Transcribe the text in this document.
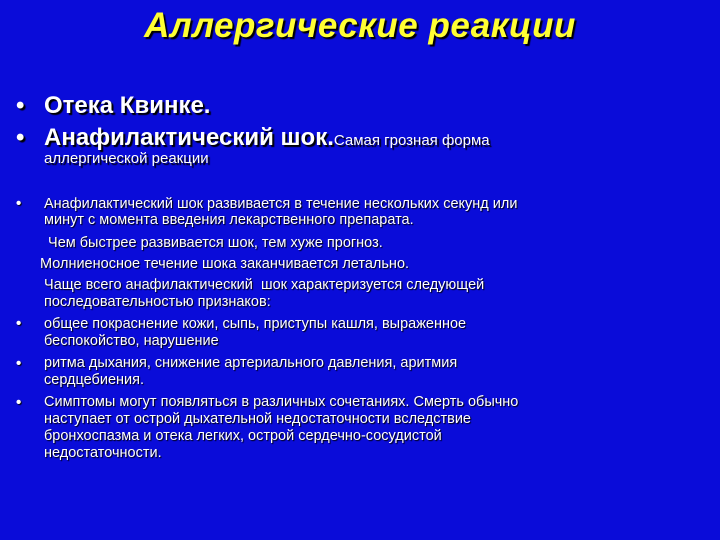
Аллергические реакции
• Отека Квинке.
• Анафилактический шок.Самая грозная форма
аллергической реакции
•
•
•
•
Анафилактический шок развивается в течение нескольких секунд или
минут с момента введения лекарственного препарата.
Чем быстрее развивается шок, тем хуже прогноз.
Молниеносное течение шока заканчивается летально.
Чаще всего анафилактический  шок характеризуется следующей
последовательностью признаков:
общее покраснение кожи, сыпь, приступы кашля, выраженное
беспокойство, нарушение
ритма дыхания, снижение артериального давления, аритмия
сердцебиения.
Симптомы могут появляться в различных сочетаниях. Смерть обычно
наступает от острой дыхательной недостаточности вследствие
бронхоспазма и отека легких, острой сердечно-сосудистой
недостаточности.
